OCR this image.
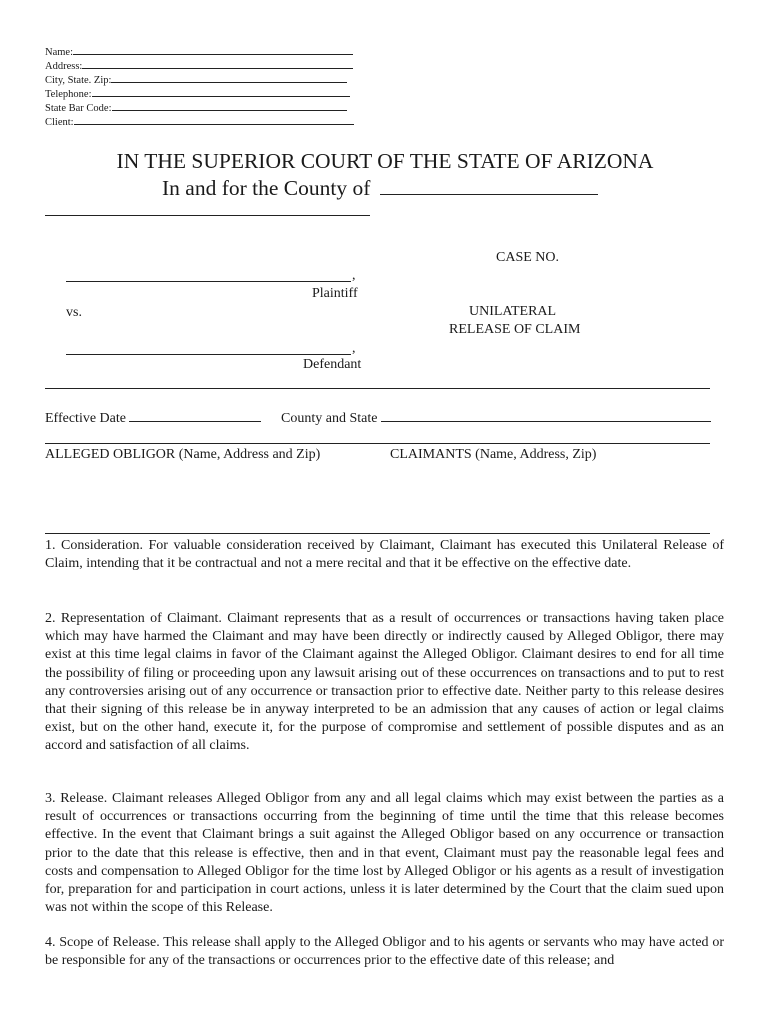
Name:
Address:
City, State. Zip:
Telephone:
State Bar Code:
Client:
IN THE SUPERIOR COURT OF THE STATE OF ARIZONA
In and for the County of
CASE NO.
,
Plaintiff
vs.	UNILATERAL
RELEASE OF CLAIM
,
Defendant
Effective Date	County and State
ALLEGED OBLIGOR (Name, Address and Zip)	CLAIMANTS (Name, Address, Zip)
1. Consideration. For valuable consideration received by Claimant, Claimant has executed this Unilateral Release of Claim, intending that it be contractual and not a mere recital and that it be effective on the effective date.
2. Representation of Claimant. Claimant represents that as a result of occurrences or transactions having taken place which may have harmed the Claimant and may have been directly or indirectly caused by Alleged Obligor, there may exist at this time legal claims in favor of the Claimant against the Alleged Obligor. Claimant desires to end for all time the possibility of filing or proceeding upon any lawsuit arising out of these occurrences on transactions and to put to rest any controversies arising out of any occurrence or transaction prior to effective date. Neither party to this release desires that their signing of this release be in anyway interpreted to be an admission that any causes of action or legal claims exist, but on the other hand, execute it, for the purpose of compromise and settlement of possible disputes and as an accord and satisfaction of all claims.
3. Release. Claimant releases Alleged Obligor from any and all legal claims which may exist between the parties as a result of occurrences or transactions occurring from the beginning of time until the time that this release becomes effective. In the event that Claimant brings a suit against the Alleged Obligor based on any occurrence or transaction prior to the date that this release is effective, then and in that event, Claimant must pay the reasonable legal fees and costs and compensation to Alleged Obligor for the time lost by Alleged Obligor or his agents as a result of investigation for, preparation for and participation in court actions, unless it is later determined by the Court that the claim sued upon was not within the scope of this Release.
4. Scope of Release. This release shall apply to the Alleged Obligor and to his agents or servants who may have acted or be responsible for any of the transactions or occurrences prior to the effective date of this release; and
